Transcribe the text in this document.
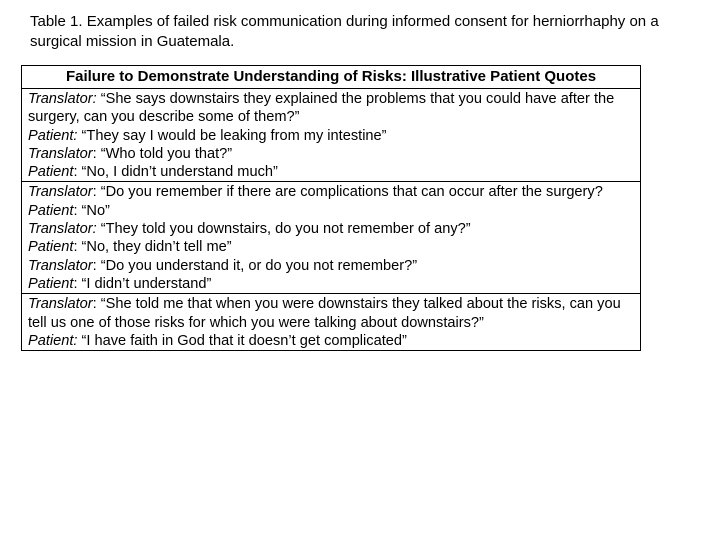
Table 1. Examples of failed risk communication during informed consent for herniorrhaphy on a surgical mission in Guatemala.

Failure to Demonstrate Understanding of Risks: Illustrative Patient Quotes

Translator: “She says downstairs they explained the problems that you could have after the surgery, can you describe some of them?”

Patient: “They say I would be leaking from my intestine”

Translator: “Who told you that?”

Patient: “No, I didn’t understand much”

Translator: “Do you remember if there are complications that can occur after the surgery?

Patient: “No”

Translator: “They told you downstairs, do you not remember of any?”

Patient: “No, they didn’t tell me”

Translator: “Do you understand it, or do you not remember?”

Patient: “I didn’t understand”

Translator: “She told me that when you were downstairs they talked about the risks, can you tell us one of those risks for which you were talking about downstairs?”

Patient: “I have faith in God that it doesn’t get complicated”
